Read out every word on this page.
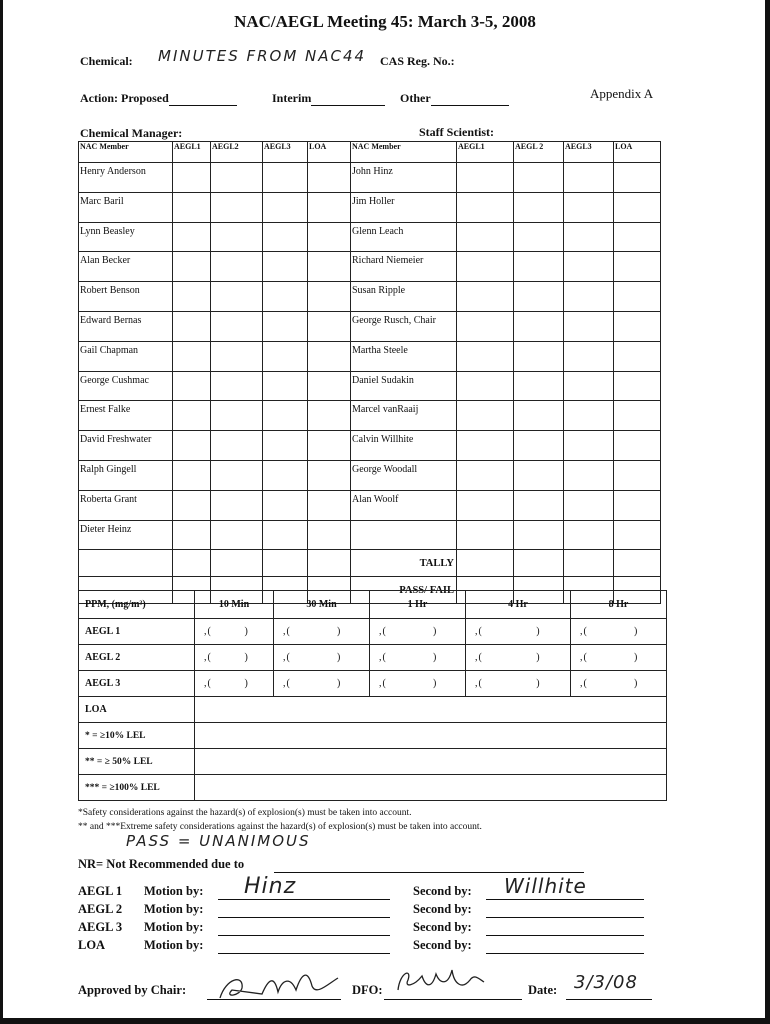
NAC/AEGL Meeting 45: March 3-5, 2008
Chemical: MINUTES FROM NAC44 CAS Reg. No.:
Action: Proposed	Interim	Other	Appendix A
Chemical Manager:	Staff Scientist:
NAC Member	AEGL1	AEGL2	AEGL3	LOA	NAC Member	AEGL1	AEGL 2	AEGL3	LOA
Henry Anderson					John Hinz				
Marc Baril					Jim Holler				
Lynn Beasley					Glenn Leach				
Alan Becker					Richard Niemeier				
Robert Benson					Susan Ripple				
Edward Bernas					George Rusch, Chair				
Gail Chapman					Martha Steele				
George Cushmac					Daniel Sudakin				
Ernest Falke					Marcel vanRaaij				
David Freshwater					Calvin Willhite				
Ralph Gingell					George Woodall				
Roberta Grant					Alan Woolf				
Dieter Heinz									
					TALLY				
					PASS/ FAIL				
PPM, (mg/m³)	10 Min	30 Min	1 Hr	4 Hr	8 Hr
AEGL 1	,( )	,( )	,( )	,( )	,( )

AEGL 2	,( )	,( )	,( )	,( )	,( )

AEGL 3	,( )	,( )	,( )	,( )	,( )

LOA					
* = ≥10% LEL					
** = ≥ 50% LEL					
*** = ≥100% LEL					
*Safety considerations against the hazard(s) of explosion(s) must be taken into account.
** and ***Extreme safety considerations against the hazard(s) of explosion(s) must be taken into account.
PASS = UNANIMOUS
NR= Not Recommended due to
AEGL 1 Motion by:	Second by:
Hinz	Willhite
AEGL 2 Motion by:	Second by:
AEGL 3 Motion by:	Second by:
LOA	Motion by:	Second by:
Approved by Chair:	DFO:	Date: 3/3/08
